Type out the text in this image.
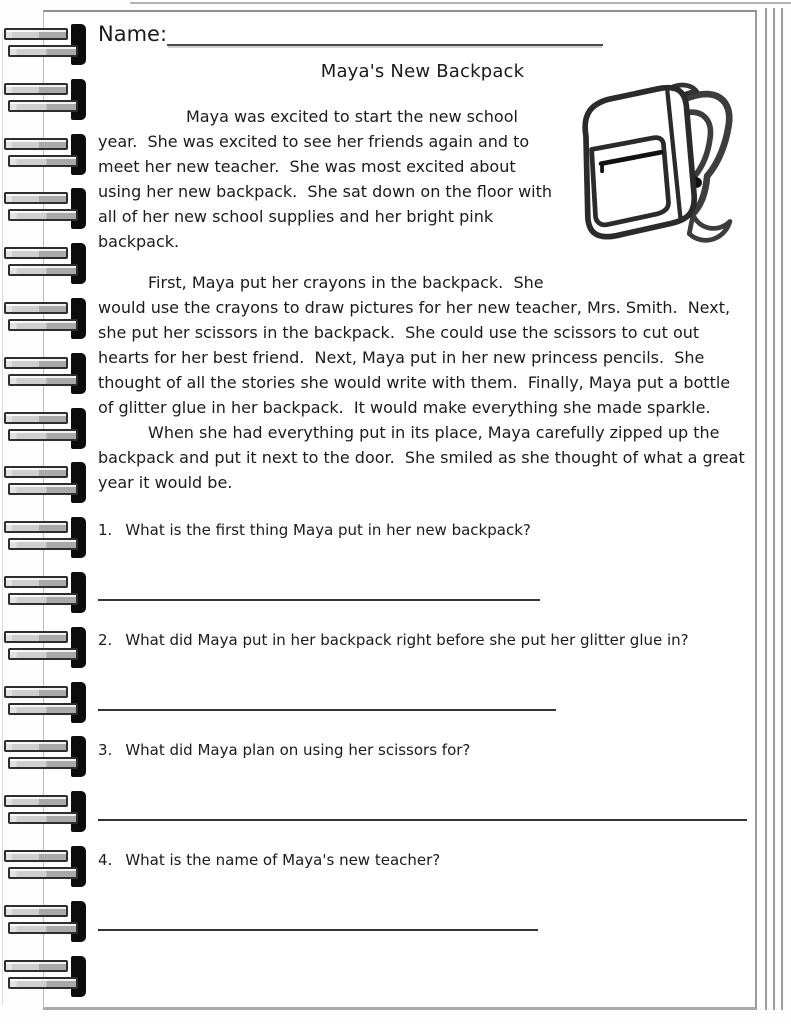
Name:
Maya's New Backpack

Maya was excited to start the new school year.  She was excited to see her friends again and to meet her new teacher.  She was most excited about using her new backpack.  She sat down on the floor with all of her new school supplies and her bright pink backpack.

First, Maya put her crayons in the backpack.  She would use the crayons to draw pictures for her new teacher, Mrs. Smith.  Next, she put her scissors in the backpack.  She could use the scissors to cut out hearts for her best friend.  Next, Maya put in her new princess pencils.  She thought of all the stories she would write with them.  Finally, Maya put a bottle of glitter glue in her backpack.  It would make everything she made sparkle.

When she had everything put in its place, Maya carefully zipped up the backpack and put it next to the door.  She smiled as she thought of what a great year it would be.

1. What is the first thing Maya put in her new backpack?
2. What did Maya put in her backpack right before she put her glitter glue in?
3. What did Maya plan on using her scissors for?
4. What is the name of Maya's new teacher?
